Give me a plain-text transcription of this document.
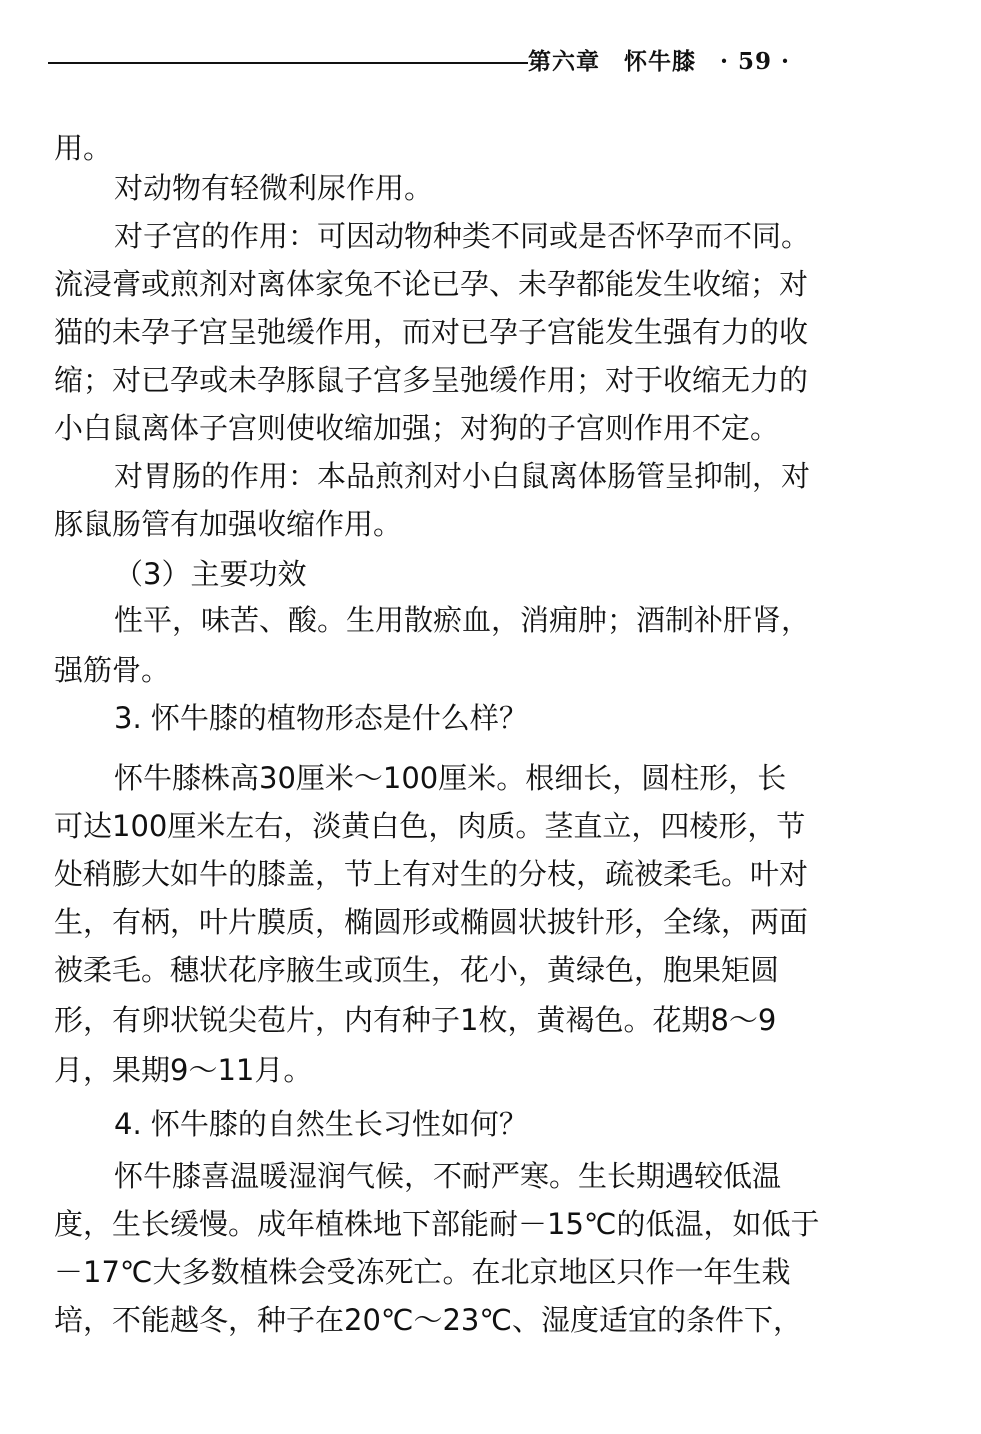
第六章　怀牛膝　· 59 ·
用。
对动物有轻微利尿作用。
对子宫的作用：可因动物种类不同或是否怀孕而不同。
流浸膏或煎剂对离体家兔不论已孕、未孕都能发生收缩；对
猫的未孕子宫呈弛缓作用，而对已孕子宫能发生强有力的收
缩；对已孕或未孕豚鼠子宫多呈弛缓作用；对于收缩无力的
小白鼠离体子宫则使收缩加强；对狗的子宫则作用不定。
对胃肠的作用：本品煎剂对小白鼠离体肠管呈抑制，对
豚鼠肠管有加强收缩作用。
（3）主要功效
性平，味苦、酸。生用散瘀血，消痈肿；酒制补肝肾，
强筋骨。
3. 怀牛膝的植物形态是什么样？
怀牛膝株高30厘米～100厘米。根细长，圆柱形，长
可达100厘米左右，淡黄白色，肉质。茎直立，四棱形，节
处稍膨大如牛的膝盖，节上有对生的分枝，疏被柔毛。叶对
生，有柄，叶片膜质，椭圆形或椭圆状披针形，全缘，两面
被柔毛。穗状花序腋生或顶生，花小，黄绿色，胞果矩圆
形，有卵状锐尖苞片，内有种子1枚，黄褐色。花期8～9
月，果期9～11月。
4. 怀牛膝的自然生长习性如何？
怀牛膝喜温暖湿润气候，不耐严寒。生长期遇较低温
度，生长缓慢。成年植株地下部能耐－15℃的低温，如低于
－17℃大多数植株会受冻死亡。在北京地区只作一年生栽
培，不能越冬，种子在20℃～23℃、湿度适宜的条件下，
